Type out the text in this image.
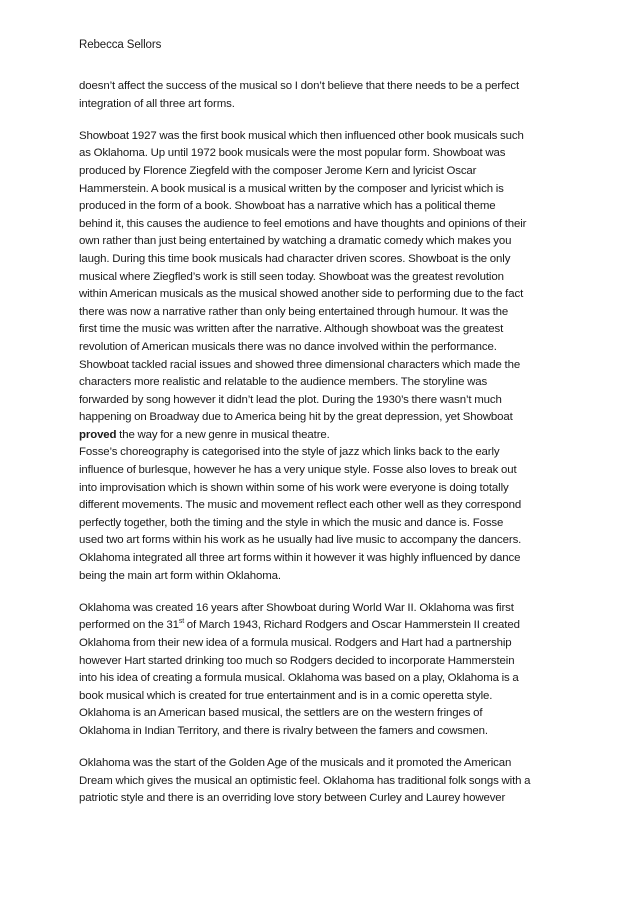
Rebecca Sellors
doesn’t affect the success of the musical so I don’t believe that there needs to be a perfect
integration of all three art forms.
Showboat 1927 was the first book musical which then influenced other book musicals such
as Oklahoma. Up until 1972 book musicals were the most popular form. Showboat was
produced by Florence Ziegfeld with the composer Jerome Kern and lyricist Oscar
Hammerstein. A book musical is a musical written by the composer and lyricist which is
produced in the form of a book. Showboat has a narrative which has a political theme
behind it, this causes the audience to feel emotions and have thoughts and opinions of their
own rather than just being entertained by watching a dramatic comedy which makes you
laugh. During this time book musicals had character driven scores. Showboat is the only
musical where Ziegfled’s work is still seen today. Showboat was the greatest revolution
within American musicals as the musical showed another side to performing due to the fact
there was now a narrative rather than only being entertained through humour. It was the
first time the music was written after the narrative. Although showboat was the greatest
revolution of American musicals there was no dance involved within the performance.
Showboat tackled racial issues and showed three dimensional characters which made the
characters more realistic and relatable to the audience members. The storyline was
forwarded by song however it didn’t lead the plot. During the 1930’s there wasn’t much
happening on Broadway due to America being hit by the great depression, yet Showboat
proved the way for a new genre in musical theatre.
Fosse’s choreography is categorised into the style of jazz which links back to the early
influence of burlesque, however he has a very unique style. Fosse also loves to break out
into improvisation which is shown within some of his work were everyone is doing totally
different movements. The music and movement reflect each other well as they correspond
perfectly together, both the timing and the style in which the music and dance is. Fosse
used two art forms within his work as he usually had live music to accompany the dancers.
Oklahoma integrated all three art forms within it however it was highly influenced by dance
being the main art form within Oklahoma.
Oklahoma was created 16 years after Showboat during World War II. Oklahoma was first
performed on the 31st of March 1943, Richard Rodgers and Oscar Hammerstein II created
Oklahoma from their new idea of a formula musical. Rodgers and Hart had a partnership
however Hart started drinking too much so Rodgers decided to incorporate Hammerstein
into his idea of creating a formula musical. Oklahoma was based on a play, Oklahoma is a
book musical which is created for true entertainment and is in a comic operetta style.
Oklahoma is an American based musical, the settlers are on the western fringes of
Oklahoma in Indian Territory, and there is rivalry between the famers and cowsmen.
Oklahoma was the start of the Golden Age of the musicals and it promoted the American
Dream which gives the musical an optimistic feel. Oklahoma has traditional folk songs with a
patriotic style and there is an overriding love story between Curley and Laurey however
